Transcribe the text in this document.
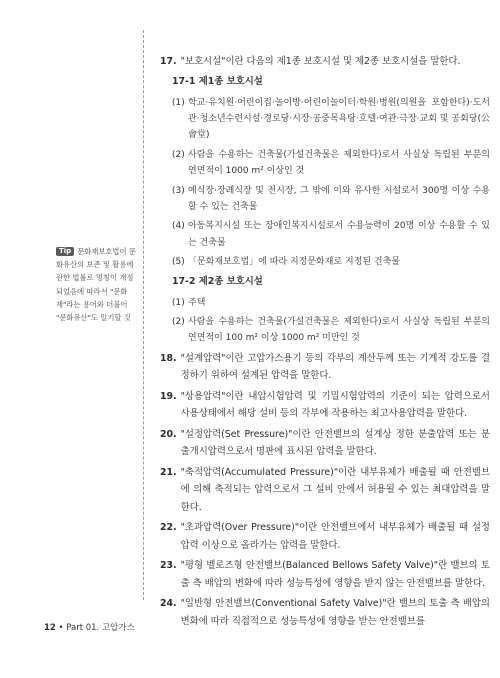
17. "보호시설"이란 다음의 제1종 보호시설 및 제2종 보호시설을 말한다.
17-1 제1종 보호시설
(1) 학교·유치원·어린이집·놀이방·어린이놀이터·학원·병원(의원을 포함한다)·도서관·청소년수련시설·경로당·시장·공중목욕탕·호텔·여관·극장·교회 및 공회당(公會堂)
(2) 사람을 수용하는 건축물(가설건축물은 제외한다)로서 사실상 독립된 부분의 연면적이 1000 m² 이상인 것
(3) 예식장·장례식장 및 전시장, 그 밖에 이와 유사한 시설로서 300명 이상 수용할 수 있는 건축물
(4) 아동복지시설 또는 장애인복지시설로서 수용능력이 20명 이상 수용할 수 있는 건축물
(5) 「문화재보호법」에 따라 지정문화재로 지정된 건축물
17-2 제2종 보호시설
(1) 주택
(2) 사람을 수용하는 건축물(가설건축물은 제외한다)로서 사실상 독립된 부분의 연면적이 100 m² 이상 1000 m² 미만인 것
18. "설계압력"이란 고압가스용기 등의 각부의 계산두께 또는 기계적 강도를 결정하기 위하여 설계된 압력을 말한다.
19. "상용압력"이란 내압시험압력 및 기밀시험압력의 기준이 되는 압력으로서 사용상태에서 해당 설비 등의 각부에 작용하는 최고사용압력을 말한다.
20. "설정압력(Set Pressure)"이란 안전밸브의 설계상 정한 분출압력 또는 분출개시압력으로서 명판에 표시된 압력을 말한다.
21. "축적압력(Accumulated Pressure)"이란 내부유체가 배출될 때 안전밸브에 의해 축적되는 압력으로서 그 설비 안에서 허용될 수 있는 최대압력을 말한다.
22. "초과압력(Over Pressure)"이란 안전밸브에서 내부유체가 배출될 때 설정압력 이상으로 올라가는 압력을 말한다.
23. "평형 벨로즈형 안전밸브(Balanced Bellows Safety Valve)"란 밸브의 토출 측 배압의 변화에 따라 성능특성에 영향을 받지 않는 안전밸브를 말한다.
24. "일반형 안전밸브(Conventional Safety Valve)"란 밸브의 토출 측 배압의 변화에 따라 직접적으로 성능특성에 영향을 받는 안전밸브를
Tip 문화재보호법이 문화유산의 보존 및 활용에 관한 법률로 명칭이 개정되었음에 따라서 "문화재"라는 용어와 더불어 "문화유산"도 일기할 것
12 • Part 01. 고압가스
